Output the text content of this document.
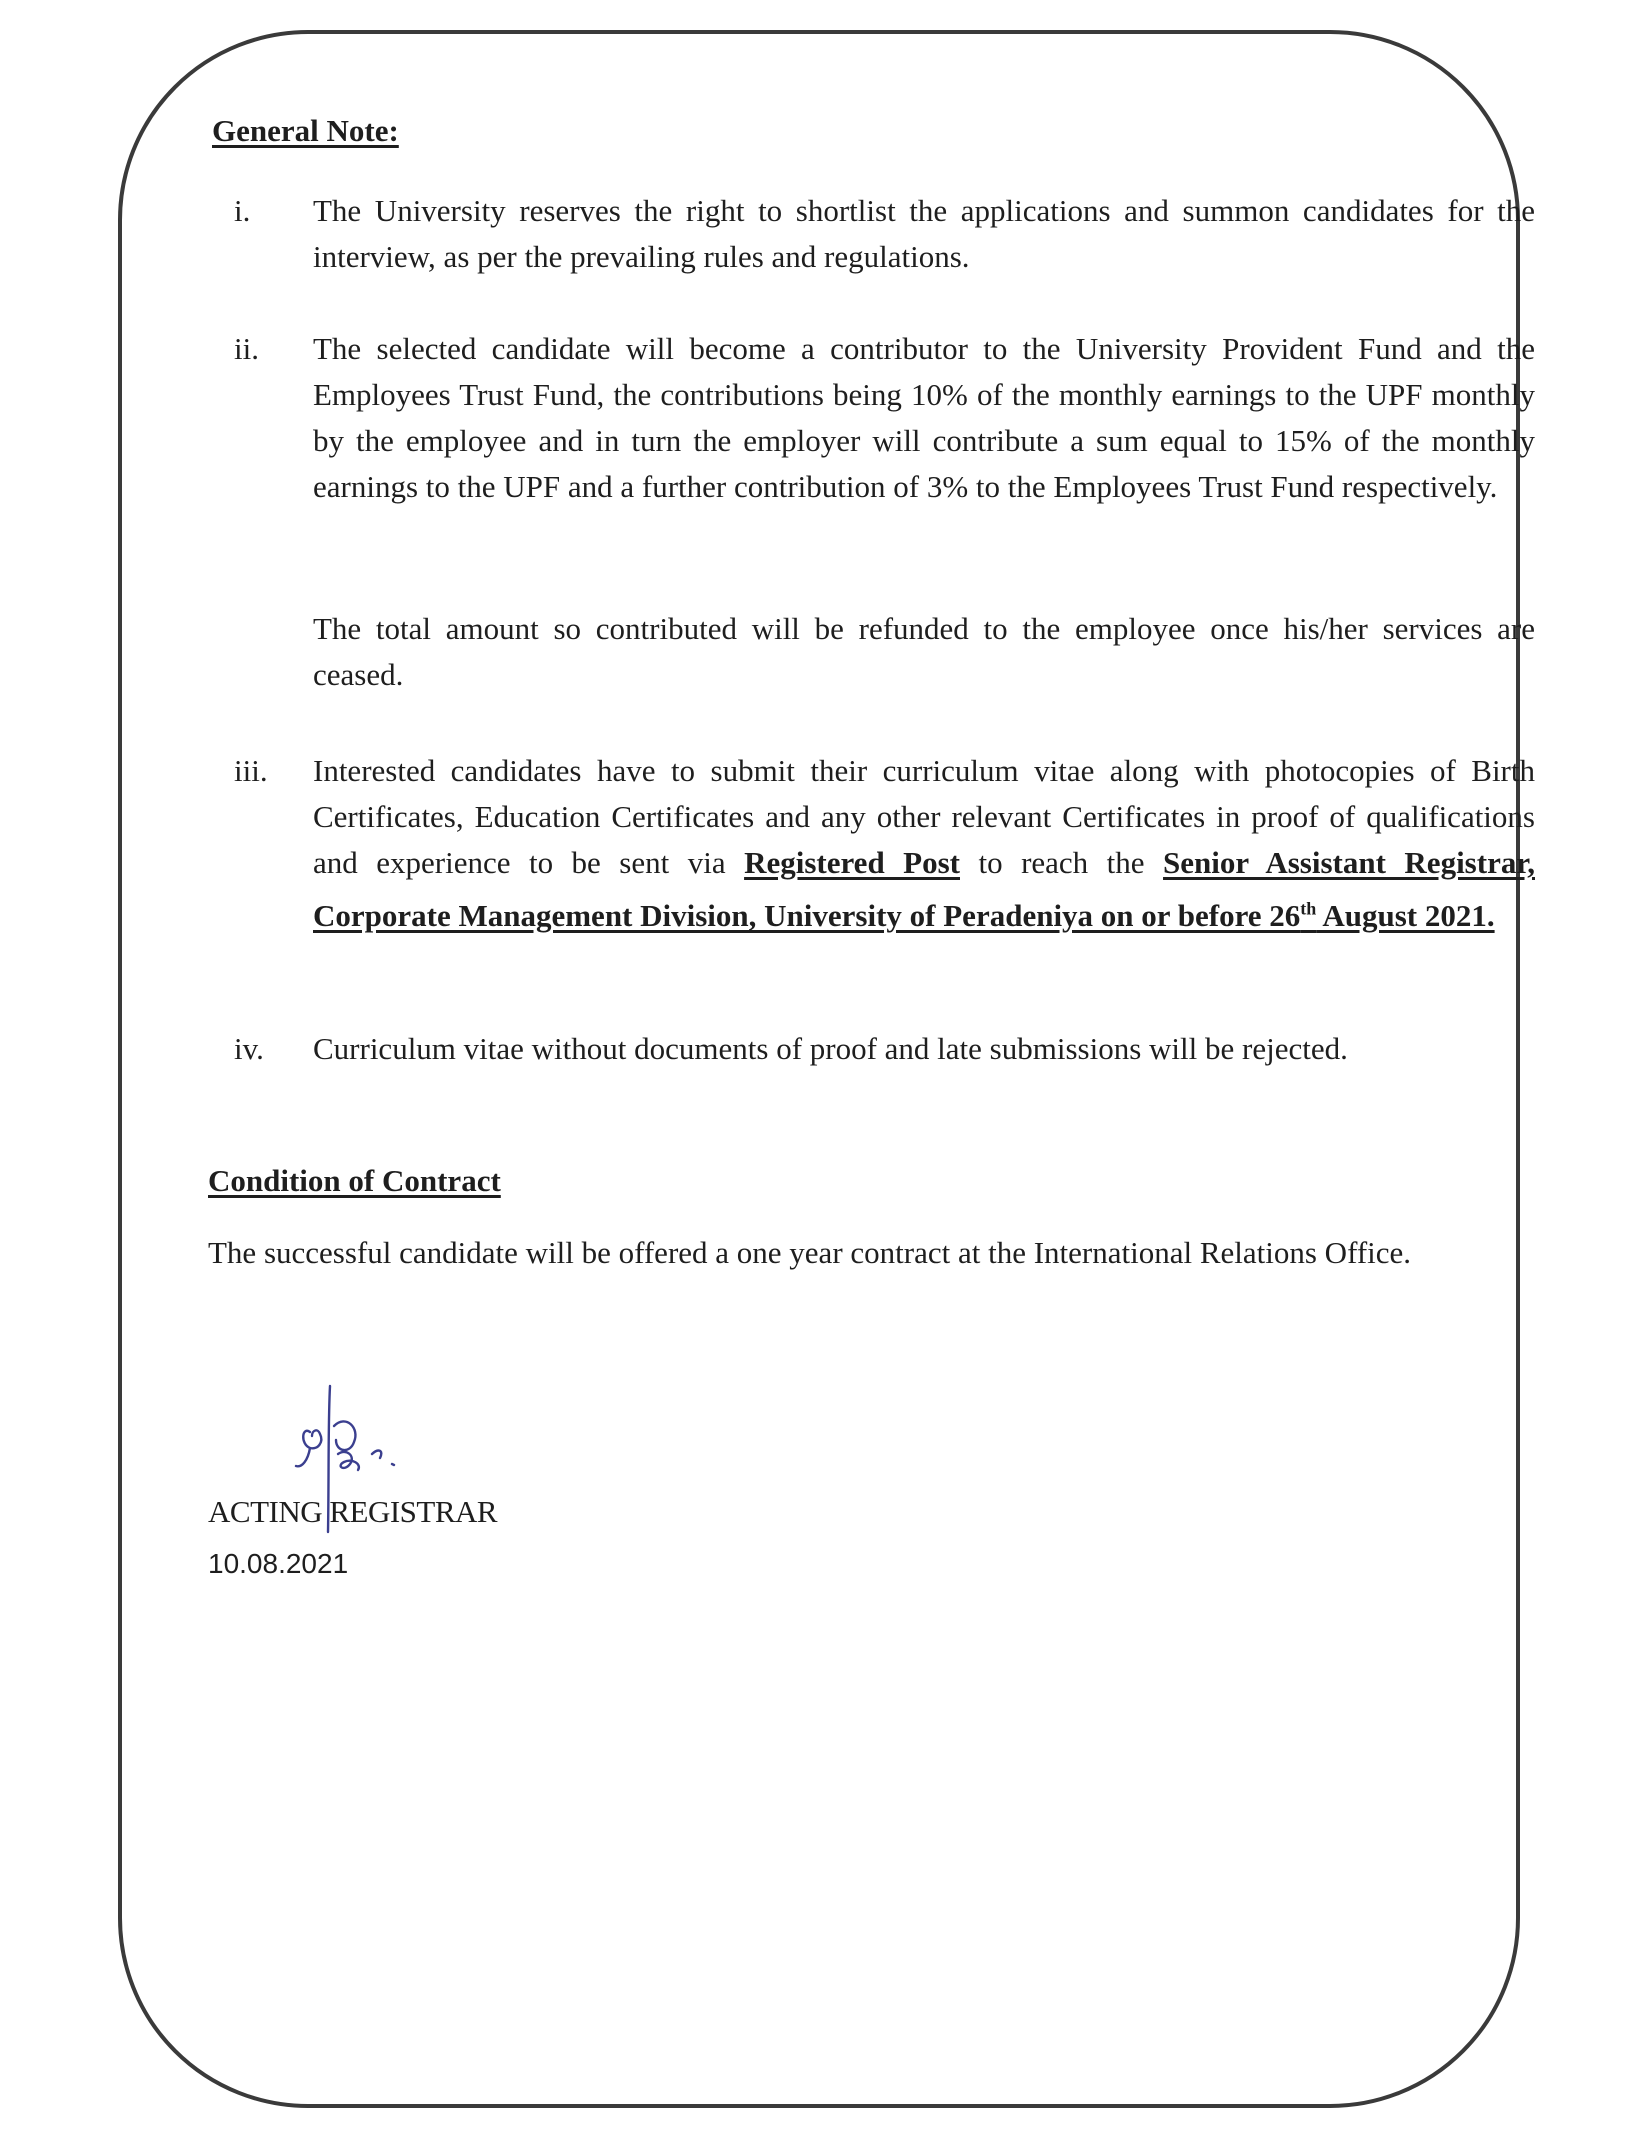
General Note:
i. The University reserves the right to shortlist the applications and summon candidates for the interview, as per the prevailing rules and regulations.

ii. The selected candidate will become a contributor to the University Provident Fund and the Employees Trust Fund, the contributions being 10% of the monthly earnings to the UPF monthly by the employee and in turn the employer will contribute a sum equal to 15% of the monthly earnings to the UPF and a further contribution of 3% to the Employees Trust Fund respectively.

The total amount so contributed will be refunded to the employee once his/her services are ceased.

iii. Interested candidates have to submit their curriculum vitae along with photocopies of Birth Certificates, Education Certificates and any other relevant Certificates in proof of qualifications and experience to be sent via Registered Post to reach the Senior Assistant Registrar, Corporate Management Division, University of Peradeniya on or before 26th August 2021.

iv. Curriculum vitae without documents of proof and late submissions will be rejected.

Condition of Contract

The successful candidate will be offered a one year contract at the International Relations Office.

ACTING REGISTRAR
10.08.2021
